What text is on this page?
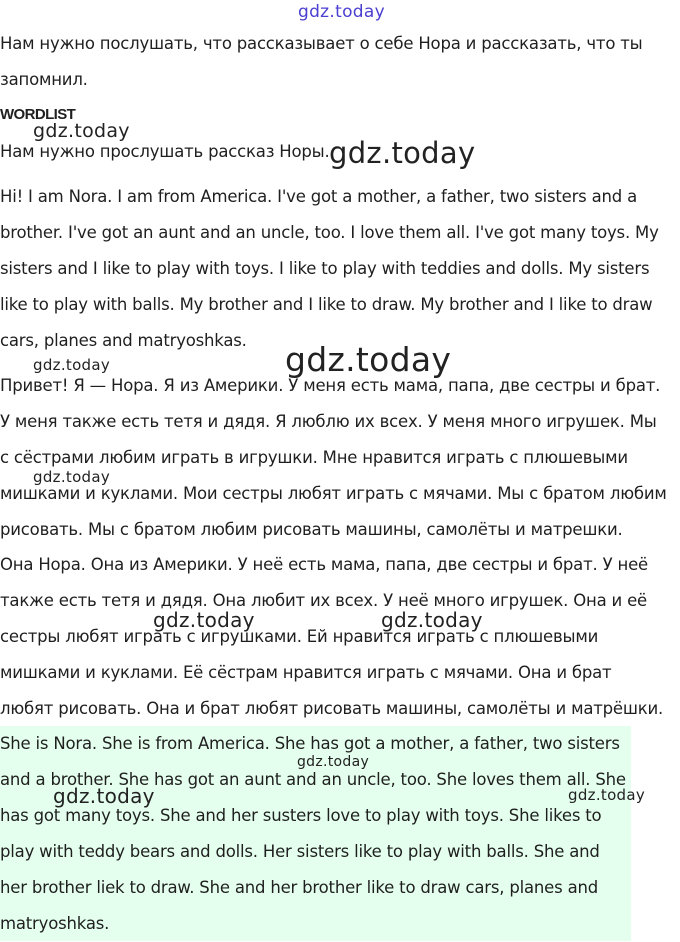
Нам нужно послушать, что рассказывает о себе Нора и рассказать, что ты запомнил.

WORDLIST

Нам нужно прослушать рассказ Норы.

Hi! I am Nora. I am from America. I've got a mother, a father, two sisters and a brother. I've got an aunt and an uncle, too. I love them all. I've got many toys. My sisters and I like to play with toys. I like to play with teddies and dolls. My sisters like to play with balls. My brother and I like to draw. My brother and I like to draw cars, planes and matryoshkas.

Привет! Я — Нора. Я из Америки. У меня есть мама, папа, две сестры и брат. У меня также есть тетя и дядя. Я люблю их всех. У меня много игрушек. Мы с сёстрами любим играть в игрушки. Мне нравится играть с плюшевыми мишками и куклами. Мои сестры любят играть с мячами. Мы с братом любим рисовать. Мы с братом любим рисовать машины, самолёты и матрешки.

Она Нора. Она из Америки. У неё есть мама, папа, две сестры и брат. У неё также есть тетя и дядя. Она любит их всех. У неё много игрушек. Она и её сестры любят играть с игрушками. Ей нравится играть с плюшевыми мишками и куклами. Её сёстрам нравится играть с мячами. Она и брат любят рисовать. Она и брат любят рисовать машины, самолёты и матрёшки.

She is Nora. She is from America. She has got a mother, a father, two sisters and a brother. She has got an aunt and an uncle, too. She loves them all. She has got many toys. She and her susters love to play with toys. She likes to play with teddy bears and dolls. Her sisters like to play with balls. She and her brother liek to draw. She and her brother like to draw cars, planes and matryoshkas.

gdz.today
gdz.today
gdz.today
gdz.today	gdz.today
gdz.today
gdz.today	gdz.today
gdz.today
gdz.today	gdz.today
